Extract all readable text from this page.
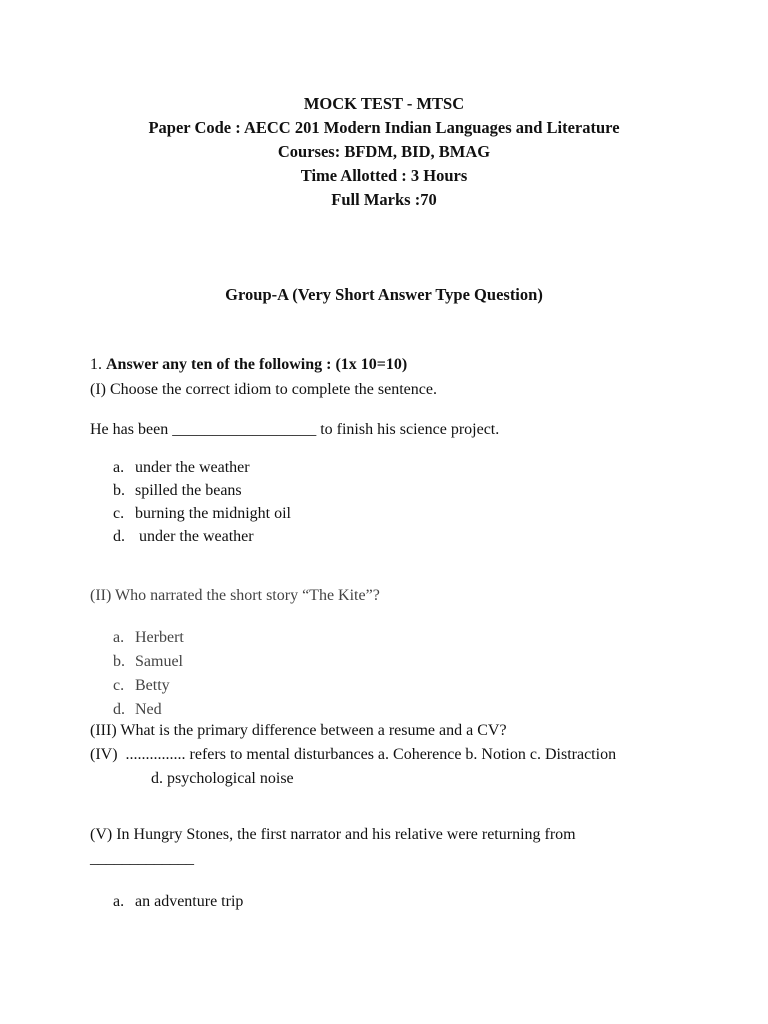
MOCK TEST - MTSC
Paper Code : AECC 201 Modern Indian Languages and Literature
Courses: BFDM, BID, BMAG
Time Allotted : 3 Hours
Full Marks :70
Group-A (Very Short Answer Type Question)
1. Answer any ten of the following : (1x 10=10)
(I) Choose the correct idiom to complete the sentence.
He has been __________________ to finish his science project.
a. under the weather
b. spilled the beans
c. burning the midnight oil
d. under the weather
(II) Who narrated the short story “The Kite”?
a. Herbert
b. Samuel
c. Betty
d. Ned
(III) What is the primary difference between a resume and a CV?
(IV)  ............... refers to mental disturbances a. Coherence b. Notion c. Distraction
d. psychological noise
(V) In Hungry Stones, the first narrator and his relative were returning from
_____________
a. an adventure trip
